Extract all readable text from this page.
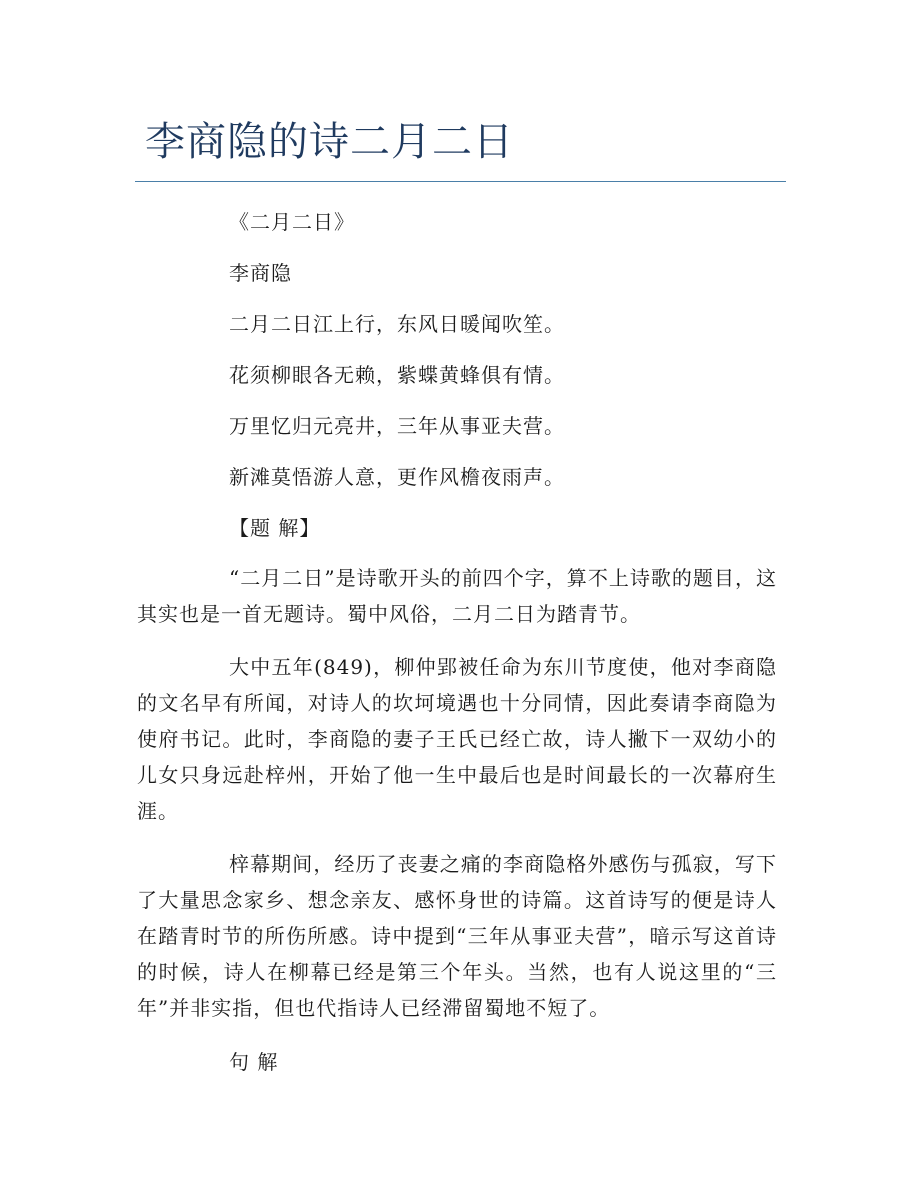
李商隐的诗二月二日
《二月二日》
李商隐
二月二日江上行，东风日暖闻吹笙。
花须柳眼各无赖，紫蝶黄蜂俱有情。
万里忆归元亮井，三年从事亚夫营。
新滩莫悟游人意，更作风檐夜雨声。
【题 解】

“二月二日”是诗歌开头的前四个字，算不上诗歌的题目，这其实也是一首无题诗。蜀中风俗，二月二日为踏青节。

大中五年(849)，柳仲郢被任命为东川节度使，他对李商隐的文名早有所闻，对诗人的坎坷境遇也十分同情，因此奏请李商隐为使府书记。此时，李商隐的妻子王氏已经亡故，诗人撇下一双幼小的儿女只身远赴梓州，开始了他一生中最后也是时间最长的一次幕府生涯。

梓幕期间，经历了丧妻之痛的李商隐格外感伤与孤寂，写下了大量思念家乡、想念亲友、感怀身世的诗篇。这首诗写的便是诗人在踏青时节的所伤所感。诗中提到“三年从事亚夫营”，暗示写这首诗的时候，诗人在柳幕已经是第三个年头。当然，也有人说这里的“三年”并非实指，但也代指诗人已经滞留蜀地不短了。

句 解
